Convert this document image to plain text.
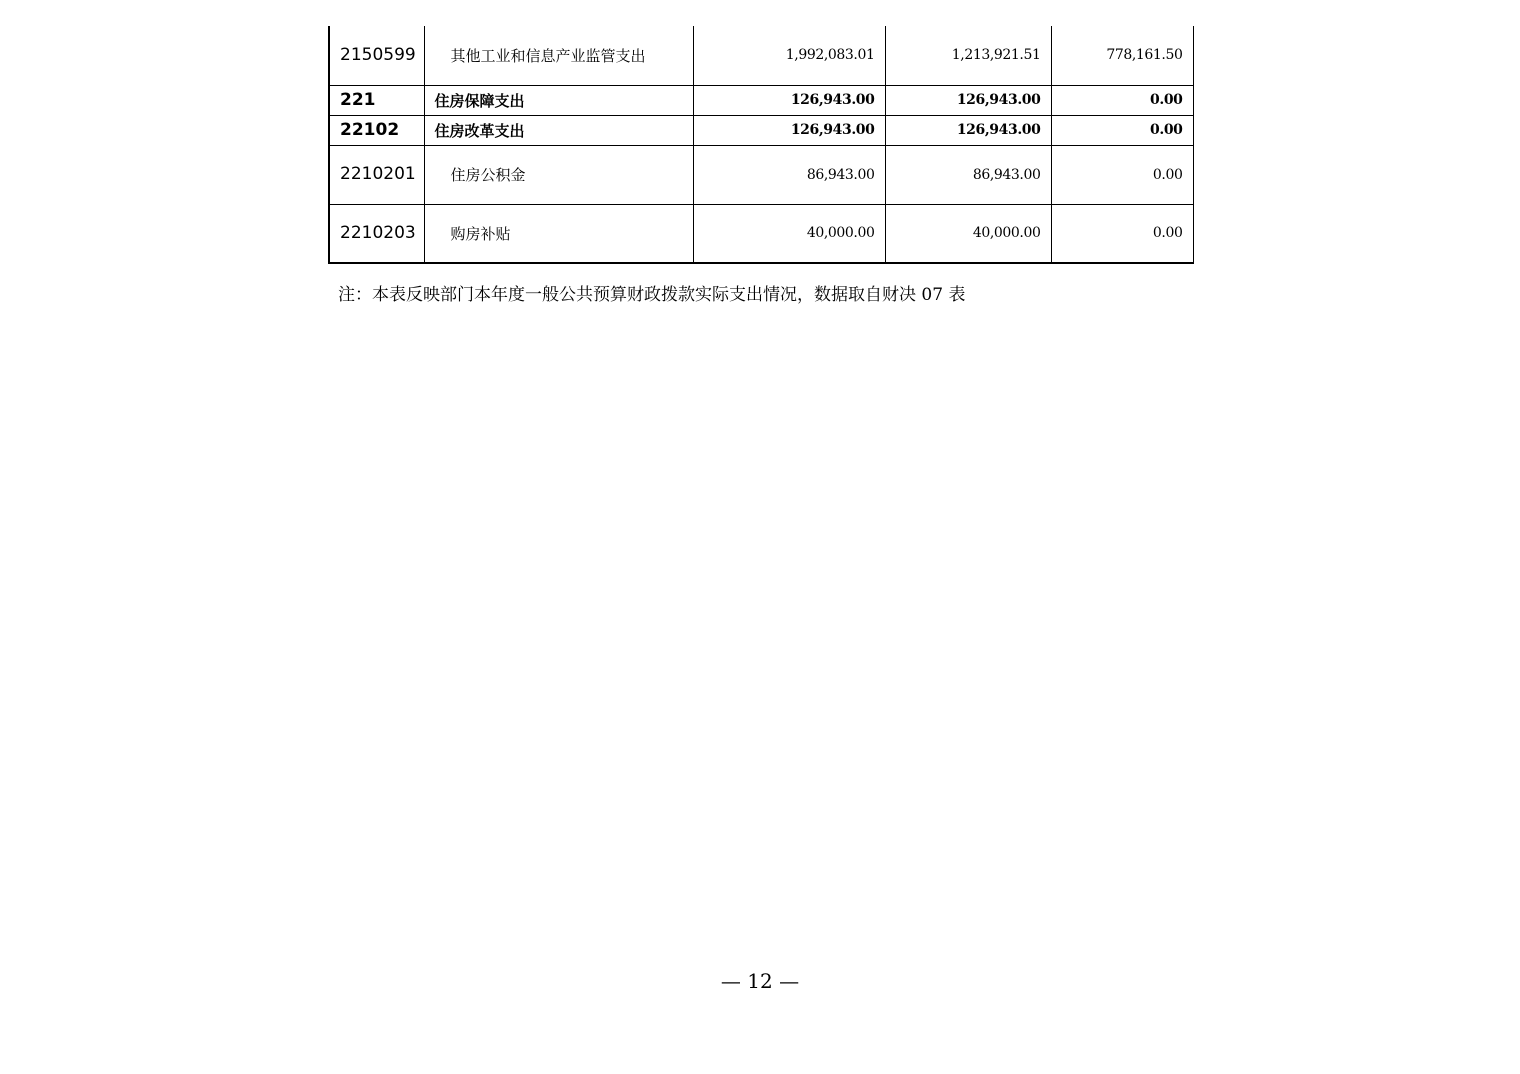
2150599	其他工业和信息产业监管支出	1,992,083.01	1,213,921.51	778,161.50
221	住房保障支出	126,943.00	126,943.00	0.00
22102	住房改革支出	126,943.00	126,943.00	0.00
2210201	住房公积金	86,943.00	86,943.00	0.00
2210203	购房补贴	40,000.00	40,000.00	0.00
注：本表反映部门本年度一般公共预算财政拨款实际支出情况，数据取自财决 07 表
— 12 —
